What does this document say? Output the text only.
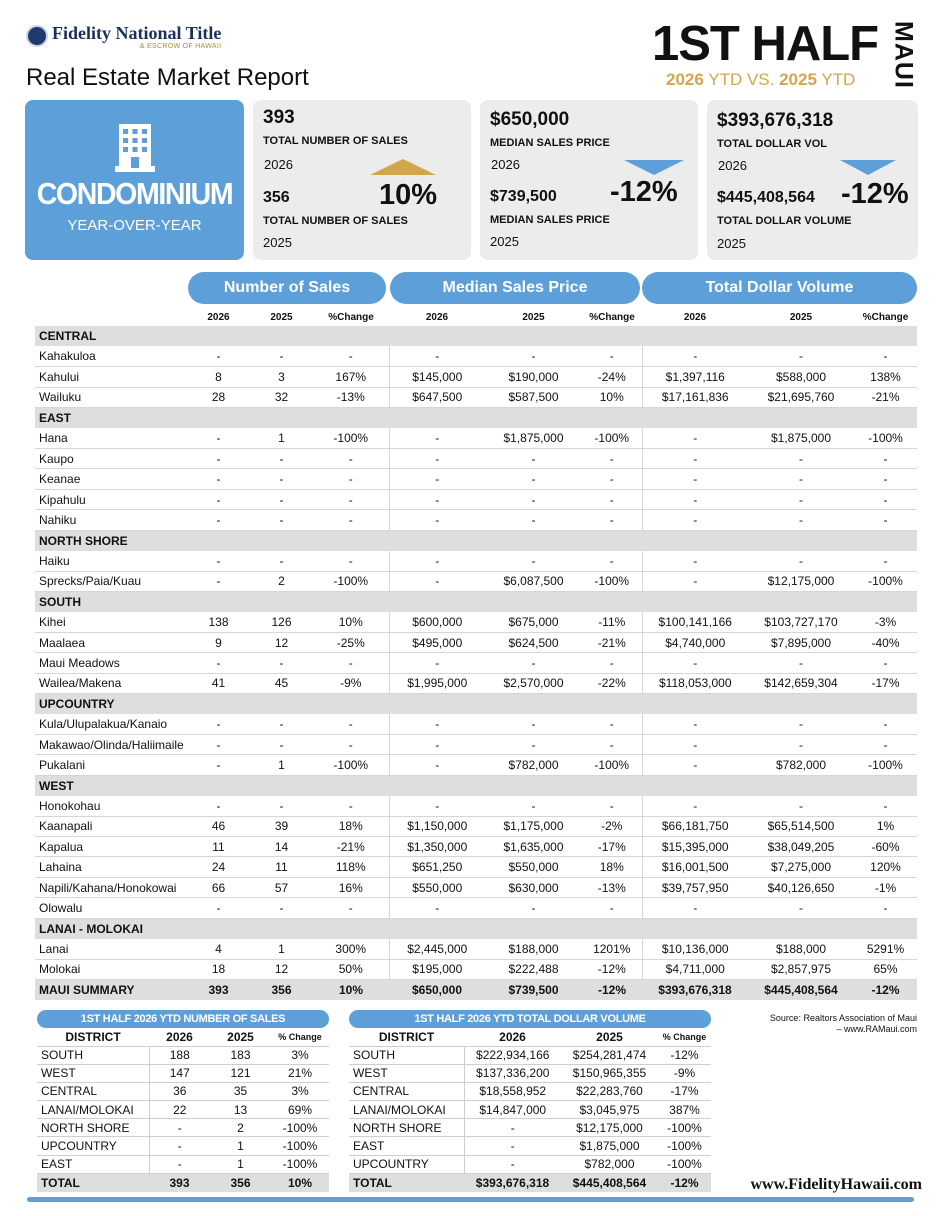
Fidelity National Title
& ESCROW OF HAWAII
Real Estate Market Report
1ST HALF MAUI
2026 YTD VS. 2025 YTD
CONDOMINIUM
YEAR-OVER-YEAR
393
TOTAL NUMBER OF SALES
2026
356
TOTAL NUMBER OF SALES
2025
10%
$650,000
MEDIAN SALES PRICE
2026
$739,500
MEDIAN SALES PRICE
2025
-12%
$393,676,318
TOTAL DOLLAR VOL
2026
$445,408,564
TOTAL DOLLAR VOLUME
2025
-12%
Number of Sales	Median Sales Price	Total Dollar Volume
	2026	2025	%Change	2026	2025	%Change	2026	2025	%Change
CENTRAL									
Kahakuloa	-	-	-	-	-	-	-	-	-
Kahului	8	3	167%	$145,000	$190,000	-24%	$1,397,116	$588,000	138%
Wailuku	28	32	-13%	$647,500	$587,500	10%	$17,161,836	$21,695,760	-21%
EAST									
Hana	-	1	-100%	-	$1,875,000	-100%	-	$1,875,000	-100%
Kaupo	-	-	-	-	-	-	-	-	-
Keanae	-	-	-	-	-	-	-	-	-
Kipahulu	-	-	-	-	-	-	-	-	-
Nahiku	-	-	-	-	-	-	-	-	-
NORTH SHORE									
Haiku	-	-	-	-	-	-	-	-	-
Sprecks/Paia/Kuau	-	2	-100%	-	$6,087,500	-100%	-	$12,175,000	-100%
SOUTH									
Kihei	138	126	10%	$600,000	$675,000	-11%	$100,141,166	$103,727,170	-3%
Maalaea	9	12	-25%	$495,000	$624,500	-21%	$4,740,000	$7,895,000	-40%
Maui Meadows	-	-	-	-	-	-	-	-	-
Wailea/Makena	41	45	-9%	$1,995,000	$2,570,000	-22%	$118,053,000	$142,659,304	-17%
UPCOUNTRY									
Kula/Ulupalakua/Kanaio	-	-	-	-	-	-	-	-	-
Makawao/Olinda/Haliimaile	-	-	-	-	-	-	-	-	-
Pukalani	-	1	-100%	-	$782,000	-100%	-	$782,000	-100%
WEST									
Honokohau	-	-	-	-	-	-	-	-	-
Kaanapali	46	39	18%	$1,150,000	$1,175,000	-2%	$66,181,750	$65,514,500	1%
Kapalua	11	14	-21%	$1,350,000	$1,635,000	-17%	$15,395,000	$38,049,205	-60%
Lahaina	24	11	118%	$651,250	$550,000	18%	$16,001,500	$7,275,000	120%
Napili/Kahana/Honokowai	66	57	16%	$550,000	$630,000	-13%	$39,757,950	$40,126,650	-1%
Olowalu	-	-	-	-	-	-	-	-	-
LANAI - MOLOKAI									
Lanai	4	1	300%	$2,445,000	$188,000	1201%	$10,136,000	$188,000	5291%
Molokai	18	12	50%	$195,000	$222,488	-12%	$4,711,000	$2,857,975	65%
MAUI SUMMARY	393	356	10%	$650,000	$739,500	-12%	$393,676,318	$445,408,564	-12%
1ST HALF 2026 YTD NUMBER OF SALES
DISTRICT	2026	2025	% Change
SOUTH	188	183	3%
WEST	147	121	21%
CENTRAL	36	35	3%
LANAI/MOLOKAI	22	13	69%
NORTH SHORE	-	2	-100%
UPCOUNTRY	-	1	-100%
EAST	-	1	-100%
TOTAL	393	356	10%
1ST HALF 2026 YTD TOTAL DOLLAR VOLUME
DISTRICT	2026	2025	% Change
SOUTH	$222,934,166	$254,281,474	-12%
WEST	$137,336,200	$150,965,355	-9%
CENTRAL	$18,558,952	$22,283,760	-17%
LANAI/MOLOKAI	$14,847,000	$3,045,975	387%
NORTH SHORE	-	$12,175,000	-100%
EAST	-	$1,875,000	-100%
UPCOUNTRY	-	$782,000	-100%
TOTAL	$393,676,318	$445,408,564	-12%
Source: Realtors Association of Maui
– www.RAMaui.com
www.FidelityHawaii.com
